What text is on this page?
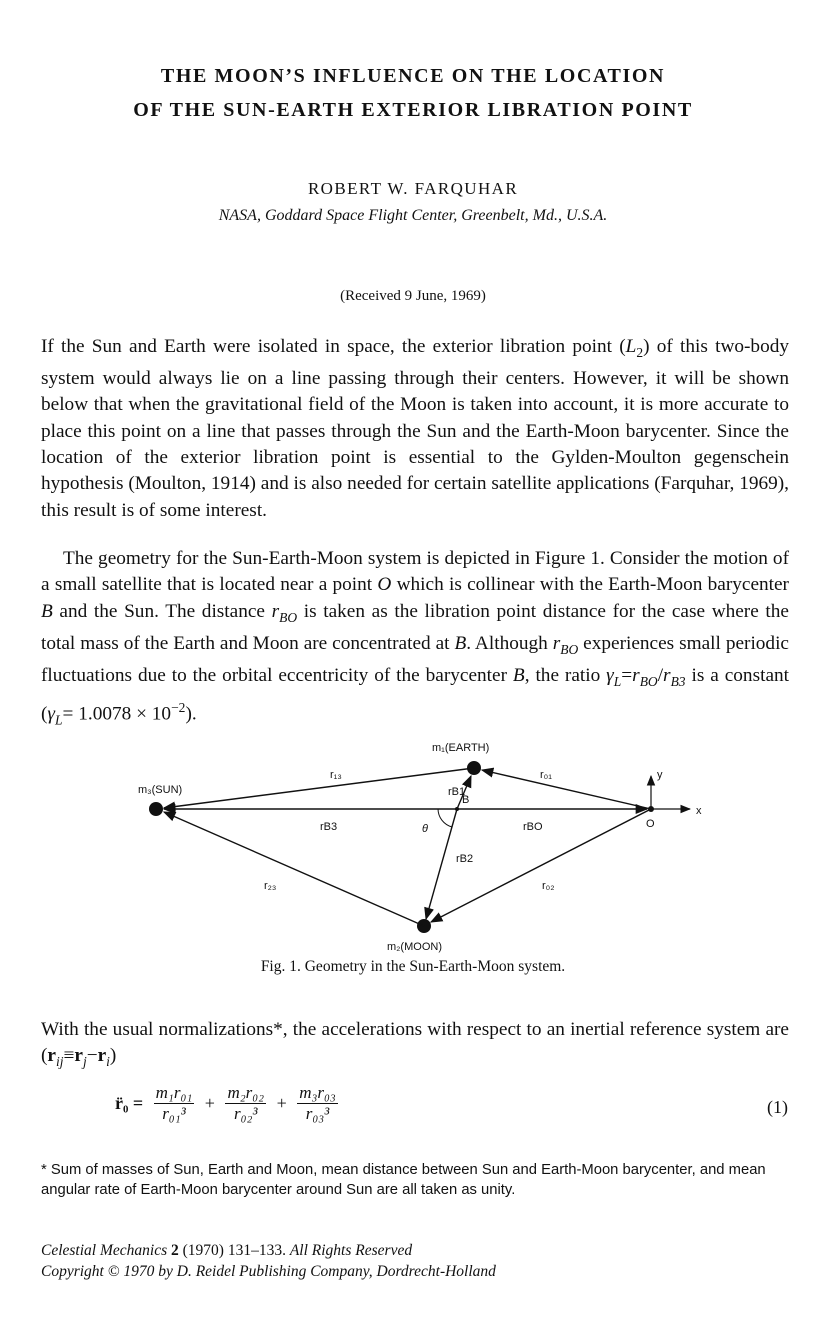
THE MOON’S INFLUENCE ON THE LOCATION
OF THE SUN-EARTH EXTERIOR LIBRATION POINT
ROBERT W. FARQUHAR
NASA, Goddard Space Flight Center, Greenbelt, Md., U.S.A.
(Received 9 June, 1969)

If the Sun and Earth were isolated in space, the exterior libration point $(L_2)$ of this two-body system would always lie on a line passing through their centers. However, it will be shown below that when the gravitational field of the Moon is taken into account, it is more accurate to place this point on a line that passes through the Sun and the Earth-Moon barycenter. Since the location of the exterior libration point is essential to the Gylden-Moulton gegenschein hypothesis (Moulton, 1914) and is also needed for certain satellite applications (Farquhar, 1969), this result is of some interest.

The geometry for the Sun-Earth-Moon system is depicted in Figure 1. Consider the motion of a small satellite that is located near a point O which is collinear with the Earth-Moon barycenter B and the Sun. The distance $r_{BO}$ is taken as the libration point distance for the case where the total mass of the Earth and Moon are concentrated at B. Although $r_{BO}$ experiences small periodic fluctuations due to the orbital eccentricity of the barycenter B, the ratio $\gamma_L=r_{BO}/r_{B3}$ is a constant $(\gamma_L= 1.0078 \times 10^{-2})$.

m₁(EARTH)
m₃(SUN)
m₂(MOON)
r₁₃	r₀₁
rB1
B
rB3	θ	rBO	O
rB2
r₂₃	r₀₂
y
x
Fig. 1. Geometry in the Sun-Earth-Moon system.

With the usual normalizations*, the accelerations with respect to an inertial reference system are $(r_{ij}\equiv r_j-r_i)$

r̈₀ = $\frac{\text{m₁r₀₁}}{\text{r₀₁³}} + \frac{\text{m₂r₀₂}}{\text{r₀₂³}} + \frac{\text{m₃r₀₃}}{\text{r₀₃³}}$	(1)

* Sum of masses of Sun, Earth and Moon, mean distance between Sun and Earth-Moon barycenter, and mean angular rate of Earth-Moon barycenter around Sun are all taken as unity.

Celestial Mechanics 2 (1970) 131–133. All Rights Reserved
Copyright © 1970 by D. Reidel Publishing Company, Dordrecht-Holland
